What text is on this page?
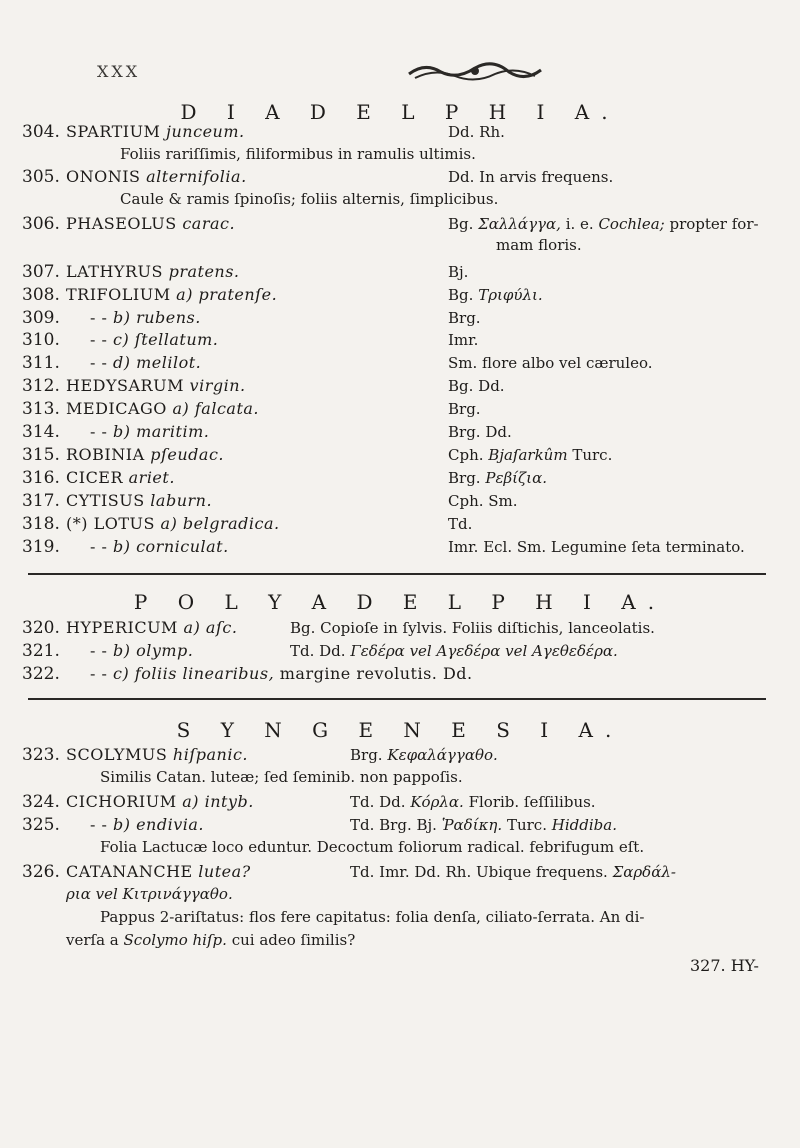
XXX
D I A D E L P H I A.
304. SPARTIUM junceum.	Dd. Rh.
Foliis rariſſimis, filiformibus in ramulis ultimis.
305. ONONIS alternifolia.	Dd. In arvis frequens.
Caule & ramis ſpinoſis; foliis alternis, ſimplicibus.
306. PHASEOLUS carac.	Bg. Σαλλάγγα, i. e. Cochlea; propter for-
mam floris.
307. LATHYRUS pratens.	Bj.
308. TRIFOLIUM a) pratenſe.	Bg. Τριφύλι.
309. - - b) rubens.	Brg.
310. - - c) ſtellatum.	Imr.
311. - - d) melilot.	Sm. flore albo vel cæruleo.
312. HEDYSARUM virgin.	Bg. Dd.
313. MEDICAGO a) falcata.	Brg.
314. - - b) maritim.	Brg. Dd.
315. ROBINIA pſeudac.	Cph. Bjaſarkûm Turc.
316. CICER ariet.	Brg. Ρεβίζια.
317. CYTISUS laburn.	Cph. Sm.
318. (*) LOTUS a) belgradica.	Td.
319. - - b) corniculat.	Imr. Ecl. Sm. Legumine ſeta terminato.
P O L Y A D E L P H I A.
320. HYPERICUM a) aſc.	Bg. Copioſe in ſylvis. Foliis diſtichis, lanceolatis.
321. - - b) olymp.	Td. Dd. Γεδέρα vel Αγεδέρα vel Αγεθεδέρα.
322. - - c) foliis linearibus, margine revolutis. Dd.
S Y N G E N E S I A.
323. SCOLYMUS hiſpanic.	Brg. Κεφαλάγγαθο.
Similis Catan. luteæ; ſed ſeminib. non pappoſis.
324. CICHORIUM a) intyb.	Td. Dd. Κόρλα. Florib. ſeſſilibus.
325. - - b) endivia.	Td. Brg. Bj. Ῥαδίκη. Turc. Hiddiba.
Folia Lactucæ loco eduntur. Decoctum foliorum radical. febrifugum eſt.
326. CATANANCHE lutea?	Td. Imr. Dd. Rh. Ubique frequens. Σαρδάλ-
ρια vel Κιτρινάγγαθο.
Pappus 2-ariſtatus: flos fere capitatus: folia denſa, ciliato-ſerrata. An di-
verſa a Scolymo hiſp. cui adeo ſimilis?
327. HY-
